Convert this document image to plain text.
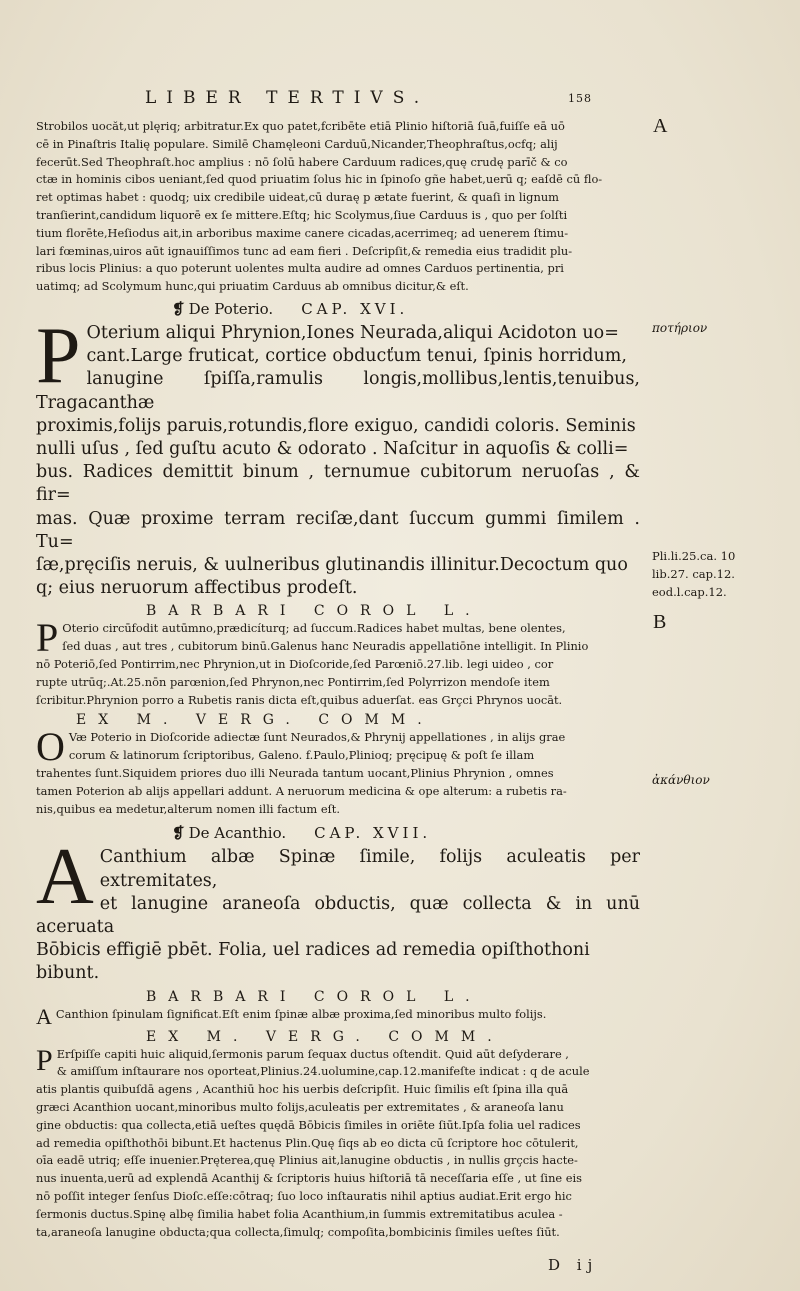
LIBER TERTIVS.	158

Strobilos uocăt,ut plęriq; arbitratur.Ex quo patet,fcribēte etiā Plinio hiſtoriā ſuā,fuiſſe eā uō

cē in Pinaſtris Italię populare. Similē Chamęleoni Carduū,Nicander,Theophraſtus,ocfq; alij

fecerūt.Sed Theophraſt.hoc amplius : nō ſolū habere Carduum radices,quę crudę parīč & co

ctæ in hominis cibos ueniant,ſed quod priuatim ſolus hic in ſpinoſo gñe habet,uerū q; eaſdē cū flo-

ret optimas habet : quodq; uix credibile uideat,cū duraę p ætate fuerint, & quaſi in lignum

tranſierint,candidum liquorē ex ſe mittere.Eſtq; hic Scolymus,ſiue Carduus is , quo per ſolſti

tium florēte,Heſiodus ait,in arboribus maxime canere cicadas,acerrimeq; ad uenerem ſtimu-

lari fœminas,uiros aūt ignauiſſimos tunc ad eam fieri . Deſcripſit,& remedia eius tradidit plu-

ribus locis Plinius: a quo poterunt uolentes multa audire ad omnes Carduos pertinentia, pri

uatimq; ad Scolymum hunc,qui priuatim Carduus ab omnibus dicitur,& eſt.

❡ De Poterio. CAP. XVI.
P Oterium aliqui Phrynion,Iones Neurada,aliqui Acidoton uo=

cant.Large fruticat, cortice obducťum tenui, ſpinis horridum,

lanugine ſpiſſa,ramulis longis,mollibus,lentis,tenuibus, Tragacanthæ

proximis,folijs paruis,rotundis,flore exiguo, candidi coloris. Seminis

nulli uſus , ſed guſtu acuto & odorato . Naſcitur in aquoſis & colli=

bus. Radices demittit binum , ternumue cubitorum neruoſas , & fir=

mas. Quæ proxime terram reciſæ,dant ſuccum gummi ſimilem . Tu=

ſæ,pręciſis neruis, & uulneribus glutinandis illinitur.Decoctum quo

q; eius neruorum affectibus prodeſt.

BARBARI COROL L.

P Oterio circūfodit autūmno,prædicíturq; ad ſuccum.Radices habet multas, bene olentes,

ſed duas , aut tres , cubitorum binū.Galenus hanc Neuradis appellatiōne intelligit. In Plinio

nō Poteriō,ſed Pontirrim,nec Phrynion,ut in Dioſcoride,ſed Parœniō.27.lib. legi uideo , cor

rupte utrūq;.At.25.nōn parœnion,ſed Phrynon,nec Pontirrim,ſed Polyrrizon mendoſe item

ſcribitur.Phrynion porro a Rubetis ranis dicta eſt,quibus aduerſat. eas Grçci Phrynos uocāt.

EX M. VERG. COMM.

O Væ Poterio in Dioſcoride adiectæ ſunt Neurados,& Phrynij appellationes , in alijs grae

corum & latinorum ſcriptoribus, Galeno. f.Paulo,Plinioq; pręcipuę & poſt ſe illam

trahentes ſunt.Siquidem priores duo illi Neurada tantum uocant,Plinius Phrynion , omnes

tamen Poterion ab alijs appellari addunt. A neruorum medicina & ope alterum: a rubetis ra-

nis,quibus ea medetur,alterum nomen illi factum eſt.

❡ De Acanthio. CAP. XVII.
A Canthium albæ Spinæ ſimile, folijs aculeatis per extremitates,

et lanugine araneoſa obductis, quæ collecta & in unū aceruata

Bōbicis effigiē pbēt. Folia, uel radices ad remedia opiſthothoni bibunt.

BARBARI COROL L.

A Canthion ſpinulam ſignificat.Eſt enim ſpinæ albæ proxima,ſed minoribus multo folijs.

EX M. VERG. COMM.

P Erſpiſſe capiti huic aliquid,ſermonis parum ſequax ductus oſtendit. Quid aūt deſyderare ,

& amiſſum inſtaurare nos oporteat,Plinius.24.uolumine,cap.12.manifeſte indicat : q de acule

atis plantis quibuſdā agens , Acanthiū hoc his uerbis deſcripſit. Huic ſimilis eſt ſpina illa quā

græci Acanthion uocant,minoribus multo folijs,aculeatis per extremitates , & araneoſa lanu

gine obductis: qua collecta,etiā ueſtes quędā Bōbicis ſimiles in oriēte ſiūt.Ipſa folia uel radices

ad remedia opiſthothōi bibunt.Et hactenus Plin.Quę ſiqs ab eo dicta cū ſcriptore hoc cōtulerit,

oīa eadē utriq; eſſe inuenier.Pręterea,quę Plinius ait,lanugine obductis , in nullis grçcis hacte-

nus inuenta,uerū ad explendā Acanthij & ſcriptoris huius hiſtoriā tā neceſſaria eſſe , ut ſine eis

nō poſſit integer ſenſus Dioſc.eſſe:cōtraq; ſuo loco inſtauratis nihil aptius audiat.Erit ergo hic

ſermonis ductus.Spinę albę ſimilia habet folia Acanthium,in ſummis extremitatibus aculea -

ta,araneoſa lanugine obducta;qua collecta,ſimulq; compoſita,bombicinis ſimiles ueſtes ſiūt.

A
ποτήριον
Pli.li.25.ca. 10
lib.27. cap.12.
eod.l.cap.12.
B
ἀκάνθιον
D ij
